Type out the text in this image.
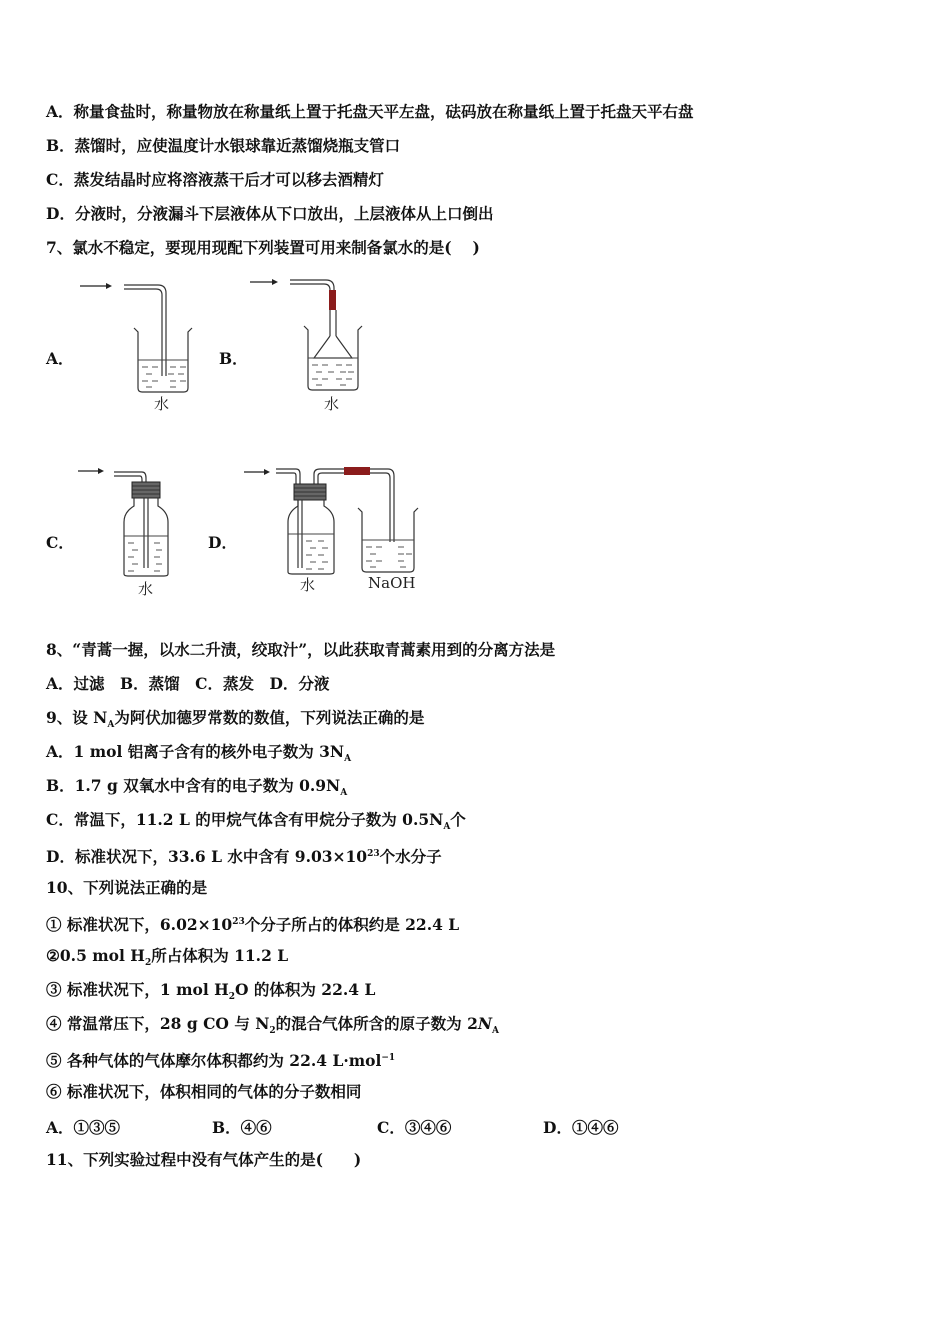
A．称量食盐时，称量物放在称量纸上置于托盘天平左盘，砝码放在称量纸上置于托盘天平右盘
B．蒸馏时，应使温度计水银球靠近蒸馏烧瓶支管口
C．蒸发结晶时应将溶液蒸干后才可以移去酒精灯
D．分液时，分液漏斗下层液体从下口放出，上层液体从上口倒出
7、氯水不稳定，要现用现配下列装置可用来制备氯水的是(  )
A．	B．
C．	D．
水	水
水	水	NaOH
8、“青蒿一握，以水二升渍，绞取汁”，以此获取青蒿素用到的分离方法是
A．过滤 B．蒸馏 C．蒸发 D．分液
9、设 $N_A$为阿伏加德罗常数的数值，下列说法正确的是
A．1 mol 铝离子含有的核外电子数为 $3N_A$
B．1.7 g 双氧水中含有的电子数为 $0.9N_A$
C．常温下，11.2 L 的甲烷气体含有甲烷分子数为 $0.5N_A$个
D．标准状况下，33.6 L 水中含有 $9.03\times 10^{23}$个水分子
10、下列说法正确的是
① 标准状况下，$6.02\times 10^{23}$个分子所占的体积约是 22.4 L
②0.5 mol $H_2$所占体积为 11.2 L
③ 标准状况下，1 mol $H_2O$ 的体积为 22.4 L
④ 常温常压下，28 g CO 与 $N_2$的混合气体所含的原子数为 $2N_A$
⑤ 各种气体的气体摩尔体积都约为 22.4 L·mol$^{-1}$
⑥ 标准状况下，体积相同的气体的分子数相同
A．①③⑤	B．④⑥	C．③④⑥	D．①④⑥
11、下列实验过程中没有气体产生的是(  )
